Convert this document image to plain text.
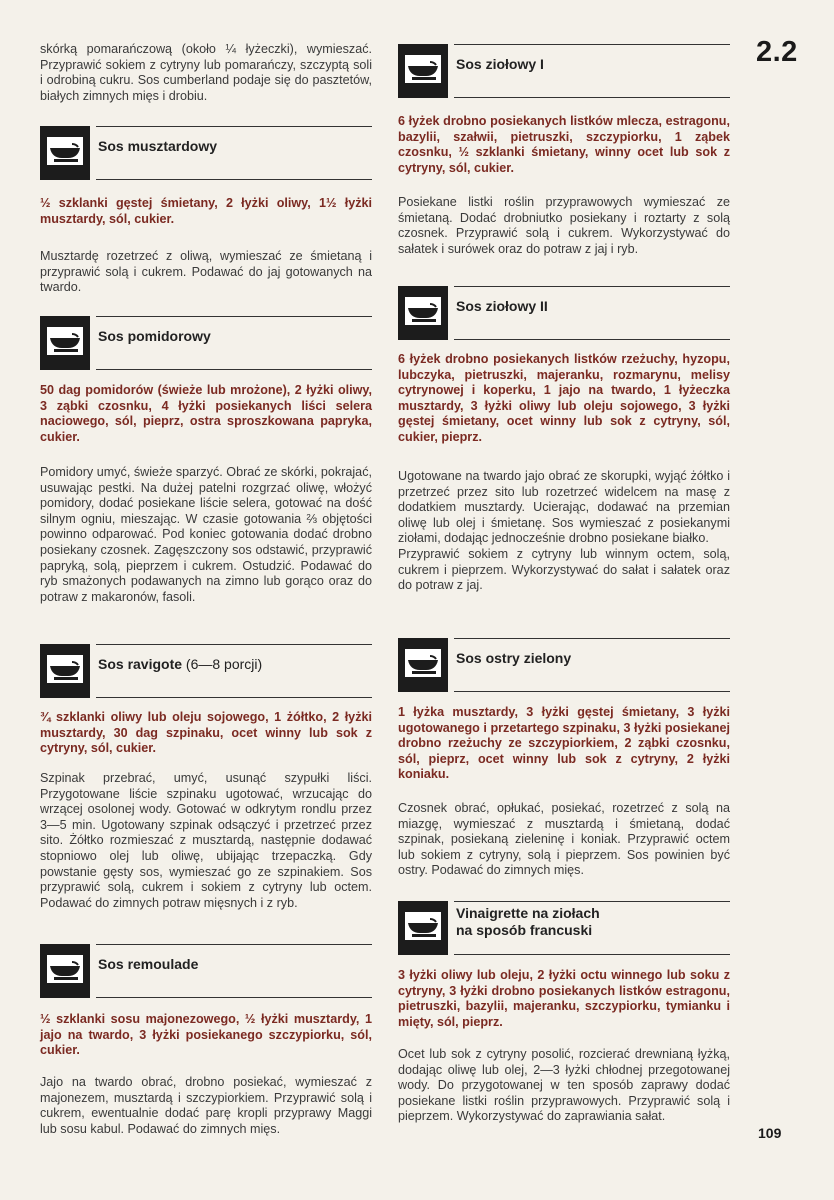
2.2
109

skórką pomarańczową (około ¼ łyżeczki), wymieszać. Przyprawić sokiem z cytryny lub pomarańczy, szczyptą soli i odrobiną cukru. Sos cumberland podaje się do pasztetów, białych zimnych mięs i drobiu.

Sos musztardowy

½ szklanki gęstej śmietany, 2 łyżki oliwy, 1½ łyżki musztardy, sól, cukier.

Musztardę rozetrzeć z oliwą, wymieszać ze śmietaną i przyprawić solą i cukrem. Podawać do jaj gotowanych na twardo.

Sos pomidorowy

50 dag pomidorów (świeże lub mrożone), 2 łyżki oliwy, 3 ząbki czosnku, 4 łyżki posiekanych liści selera naciowego, sól, pieprz, ostra sproszkowana papryka, cukier.

Pomidory umyć, świeże sparzyć. Obrać ze skórki, pokrajać, usuwając pestki. Na dużej patelni rozgrzać oliwę, włożyć pomidory, dodać posiekane liście selera, gotować na dość silnym ogniu, mieszając. W czasie gotowania ⅔ objętości powinno odparować. Pod koniec gotowania dodać drobno posiekany czosnek. Zagęszczony sos odstawić, przyprawić papryką, solą, pieprzem i cukrem. Ostudzić. Podawać do ryb smażonych podawanych na zimno lub gorąco oraz do potraw z makaronów, fasoli.

Sos ravigote (6—8 porcji)

¾ szklanki oliwy lub oleju sojowego, 1 żółtko, 2 łyżki musztardy, 30 dag szpinaku, ocet winny lub sok z cytryny, sól, cukier.

Szpinak przebrać, umyć, usunąć szypułki liści. Przygotowane liście szpinaku ugotować, wrzucając do wrzącej osolonej wody. Gotować w odkrytym rondlu przez 3—5 min. Ugotowany szpinak odsączyć i przetrzeć przez sito. Żółtko rozmieszać z musztardą, następnie dodawać stopniowo olej lub oliwę, ubijając trzepaczką. Gdy powstanie gęsty sos, wymieszać go ze szpinakiem. Sos przyprawić solą, cukrem i sokiem z cytryny lub octem. Podawać do zimnych potraw mięsnych i z ryb.

Sos remoulade

½ szklanki sosu majonezowego, ½ łyżki musztardy, 1 jajo na twardo, 3 łyżki posiekanego szczypiorku, sól, cukier.

Jajo na twardo obrać, drobno posiekać, wymieszać z majonezem, musztardą i szczypiorkiem. Przyprawić solą i cukrem, ewentualnie dodać parę kropli przyprawy Maggi lub sosu kabul. Podawać do zimnych mięs.

Sos ziołowy I

6 łyżek drobno posiekanych listków mlecza, estragonu, bazylii, szałwii, pietruszki, szczypiorku, 1 ząbek czosnku, ½ szklanki śmietany, winny ocet lub sok z cytryny, sól, cukier.

Posiekane listki roślin przyprawowych wymieszać ze śmietaną. Dodać drobniutko posiekany i roztarty z solą czosnek. Przyprawić solą i cukrem. Wykorzystywać do sałatek i surówek oraz do potraw z jaj i ryb.

Sos ziołowy II

6 łyżek drobno posiekanych listków rzeżuchy, hyzopu, lubczyka, pietruszki, majeranku, rozmarynu, melisy cytrynowej i koperku, 1 jajo na twardo, 1 łyżeczka musztardy, 3 łyżki oliwy lub oleju sojowego, 3 łyżki gęstej śmietany, ocet winny lub sok z cytryny, sól, cukier, pieprz.

Ugotowane na twardo jajo obrać ze skorupki, wyjąć żółtko i przetrzeć przez sito lub rozetrzeć widelcem na masę z dodatkiem musztardy. Ucierając, dodawać na przemian oliwę lub olej i śmietanę. Sos wymieszać z posiekanymi ziołami, dodając jednocześnie drobno posiekane białko.

Przyprawić sokiem z cytryny lub winnym octem, solą, cukrem i pieprzem. Wykorzystywać do sałat i sałatek oraz do potraw z jaj.

Sos ostry zielony

1 łyżka musztardy, 3 łyżki gęstej śmietany, 3 łyżki ugotowanego i przetartego szpinaku, 3 łyżki posiekanej drobno rzeżuchy ze szczypiorkiem, 2 ząbki czosnku, sól, pieprz, ocet winny lub sok z cytryny, 2 łyżki koniaku.

Czosnek obrać, opłukać, posiekać, rozetrzeć z solą na miazgę, wymieszać z musztardą i śmietaną, dodać szpinak, posiekaną zieleninę i koniak. Przyprawić octem lub sokiem z cytryny, solą i pieprzem. Sos powinien być ostry. Podawać do zimnych mięs.

Vinaigrette na ziołach
na sposób francuski

3 łyżki oliwy lub oleju, 2 łyżki octu winnego lub soku z cytryny, 3 łyżki drobno posiekanych listków estragonu, pietruszki, bazylii, majeranku, szczypiorku, tymianku i mięty, sól, pieprz.

Ocet lub sok z cytryny posolić, rozcierać drewnianą łyżką, dodając oliwę lub olej, 2—3 łyżki chłodnej przegotowanej wody. Do przygotowanej w ten sposób zaprawy dodać posiekane listki roślin przyprawowych. Przyprawić solą i pieprzem. Wykorzystywać do zaprawiania sałat.
